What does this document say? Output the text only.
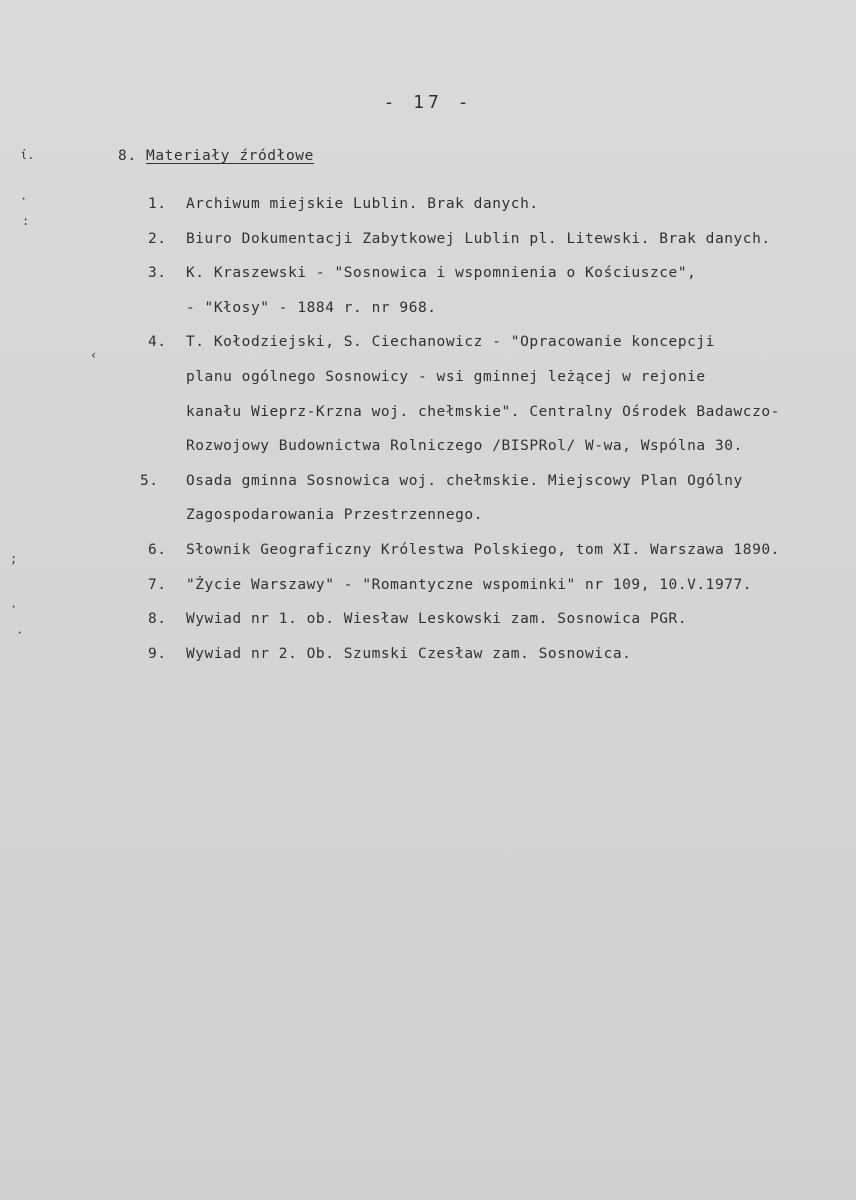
ί.
·
:
‹
;
·
·
- 17 -
8. Materiały źródłowe
1. Archiwum miejskie Lublin. Brak danych.
2. Biuro Dokumentacji Zabytkowej Lublin pl. Litewski. Brak danych.
3. K. Kraszewski - "Sosnowica i wspomnienia o Kościuszce",
- "Kłosy" - 1884 r. nr 968.
4. T. Kołodziejski, S. Ciechanowicz - "Opracowanie koncepcji
planu ogólnego Sosnowicy - wsi gminnej leżącej w rejonie
kanału Wieprz-Krzna woj. chełmskie". Centralny Ośrodek Badawczo-
Rozwojowy Budownictwa Rolniczego /BISPRol/ W-wa, Wspólna 30.
5. Osada gminna Sosnowica woj. chełmskie. Miejscowy Plan Ogólny
Zagospodarowania Przestrzennego.
6. Słownik Geograficzny Królestwa Polskiego, tom XI. Warszawa 1890.
7. "Życie Warszawy" - "Romantyczne wspominki" nr 109, 10.V.1977.
8. Wywiad nr 1. ob. Wiesław Leskowski zam. Sosnowica PGR.
9. Wywiad nr 2. Ob. Szumski Czesław zam. Sosnowica.
